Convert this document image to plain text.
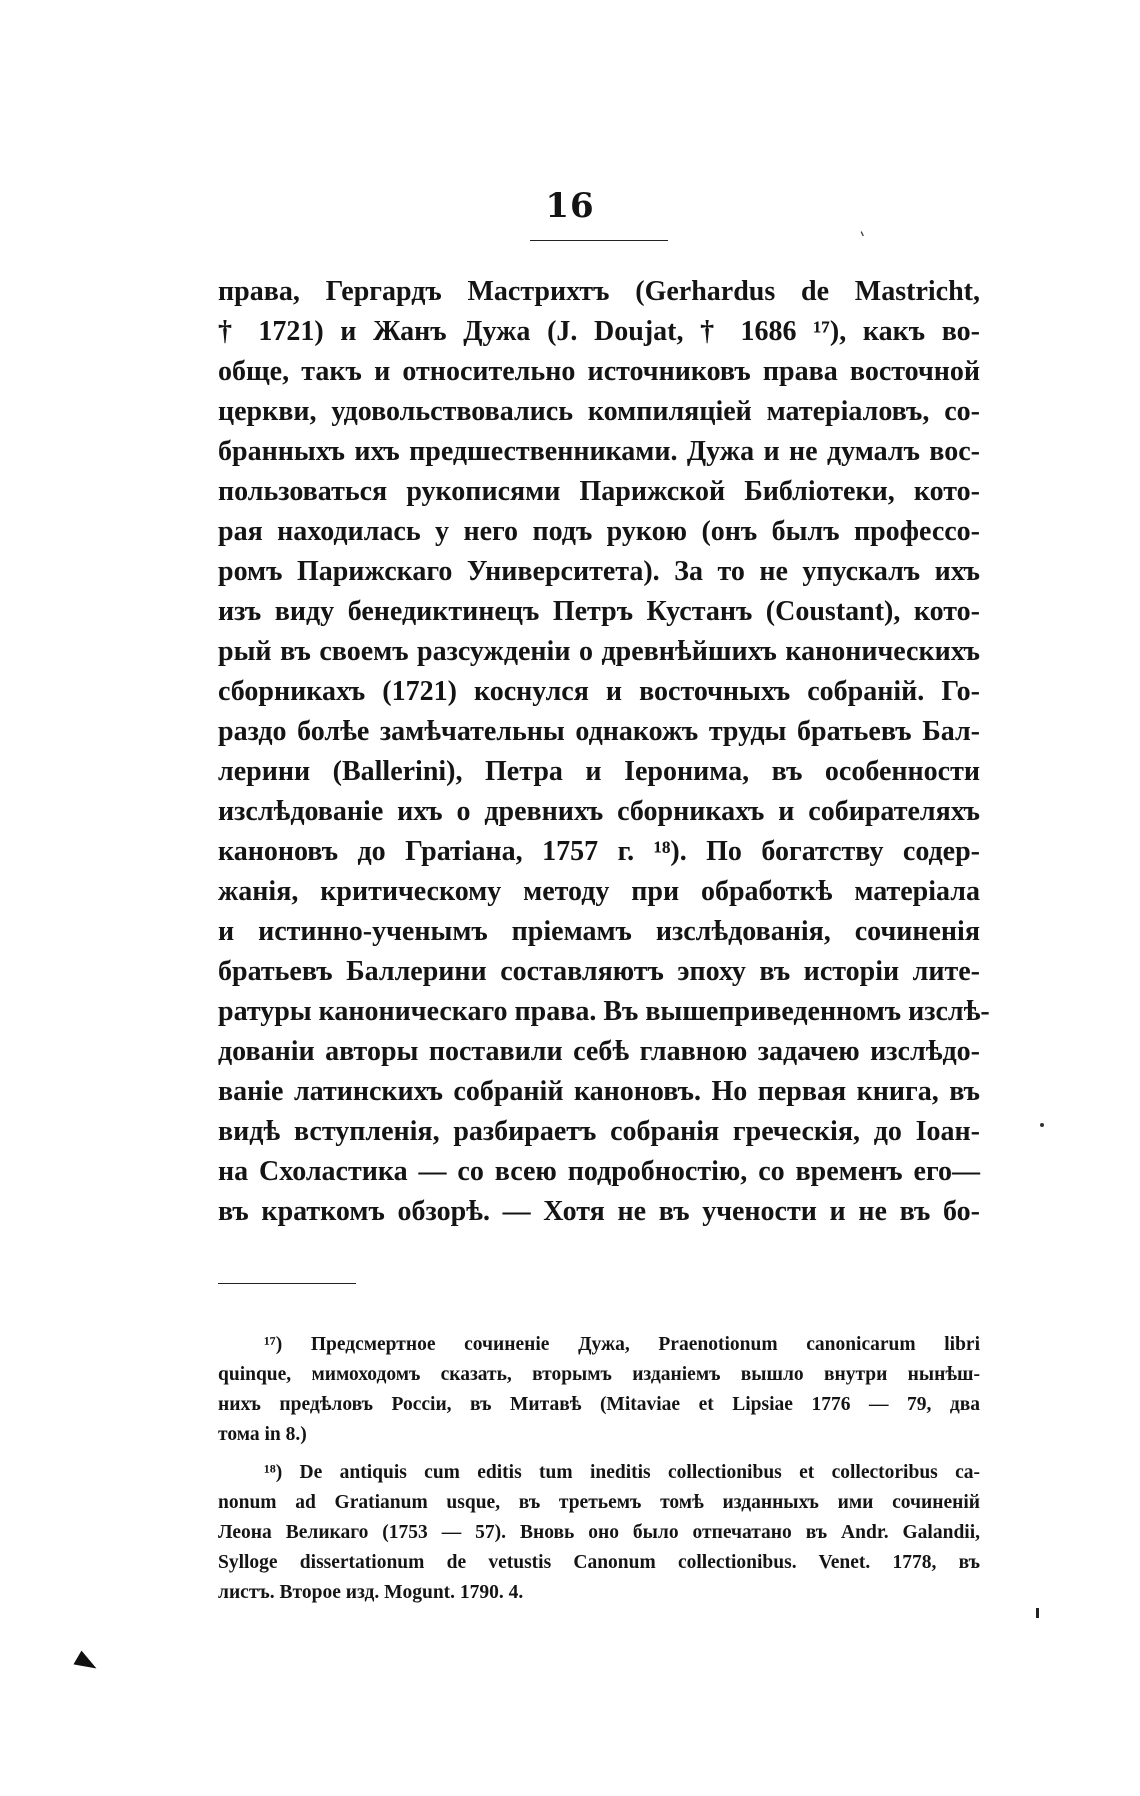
16
'
права, Гергардъ Мастрихтъ (Gerhardus de Mastricht,
† 1721) и Жанъ Дужа (J. Doujat, † 1686 ¹⁷), какъ во-
обще, такъ и относительно источниковъ права восточной
церкви, удовольствовались компиляціей матеріаловъ, со-
бранныхъ ихъ предшественниками. Дужа и не думалъ вос-
пользоваться рукописями Парижской Библіотеки, кото-
рая находилась у него подъ рукою (онъ былъ профессо-
ромъ Парижскаго Университета). За то не упускалъ ихъ
изъ виду бенедиктинецъ Петръ Кустанъ (Coustant), кото-
рый въ своемъ разсужденіи о древнѣйшихъ каноническихъ
сборникахъ (1721) коснулся и восточныхъ собраній. Го-
раздо болѣе замѣчательны однакожъ труды братьевъ Бал-
лерини (Ballerini), Петра и Іеронима, въ особенности
изслѣдованіе ихъ о древнихъ сборникахъ и собирателяхъ
каноновъ до Гратіана, 1757 г. ¹⁸). По богатству содер-
жанія, критическому методу при обработкѣ матеріала
и истинно-ученымъ пріемамъ изслѣдованія, сочиненія
братьевъ Баллерини составляютъ эпоху въ исторіи лите-
ратуры каноническаго права. Въ вышеприведенномъ изслѣ-
дованіи авторы поставили себѣ главною задачею изслѣдо-
ваніе латинскихъ собраній каноновъ. Но первая книга, въ
видѣ вступленія, разбираетъ собранія греческія, до Іоан-
на Схоластика — со всею подробностію, со временъ его—
въ краткомъ обзорѣ. — Хотя не въ учености и не въ бо-
¹⁷) Предсмертное сочиненіе Дужа, Praenotionum canonicarum libri
quinque, мимоходомъ сказать, вторымъ изданіемъ вышло внутри нынѣш-
нихъ предѣловъ Россіи, въ Митавѣ (Mitaviae et Lipsiae 1776 — 79, два
тома in 8.)
¹⁸) De antiquis cum editis tum ineditis collectionibus et collectoribus ca-
nonum ad Gratianum usque, въ третьемъ томѣ изданныхъ ими сочиненій
Леона Великаго (1753 — 57). Вновь оно было отпечатано въ Andr. Galandii,
Sylloge dissertationum de vetustis Canonum collectionibus. Venet. 1778, въ
листъ. Второе изд. Mogunt. 1790. 4.
